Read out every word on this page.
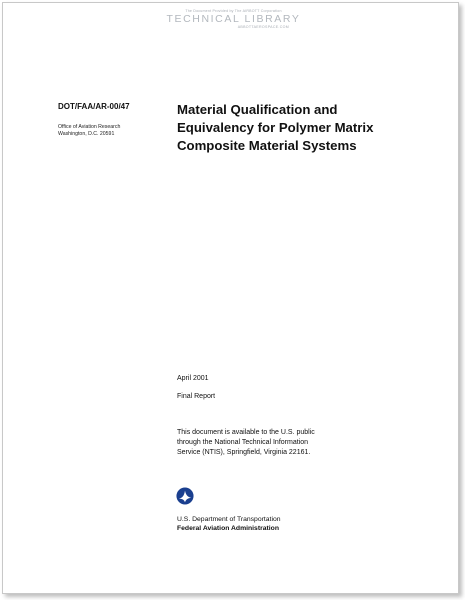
The Document Provided by The AIRBOTT Corporation
TECHNICAL LIBRARY
ABBOTTAEROSPACE.COM
DOT/FAA/AR-00/47
Office of Aviation Research
Washington, D.C. 20591
Material Qualification and
Equivalency for Polymer Matrix
Composite Material Systems
April 2001
Final Report
This document is available to the U.S. public
through the National Technical Information
Service (NTIS), Springfield, Virginia 22161.
U.S. Department of Transportation
Federal Aviation Administration
